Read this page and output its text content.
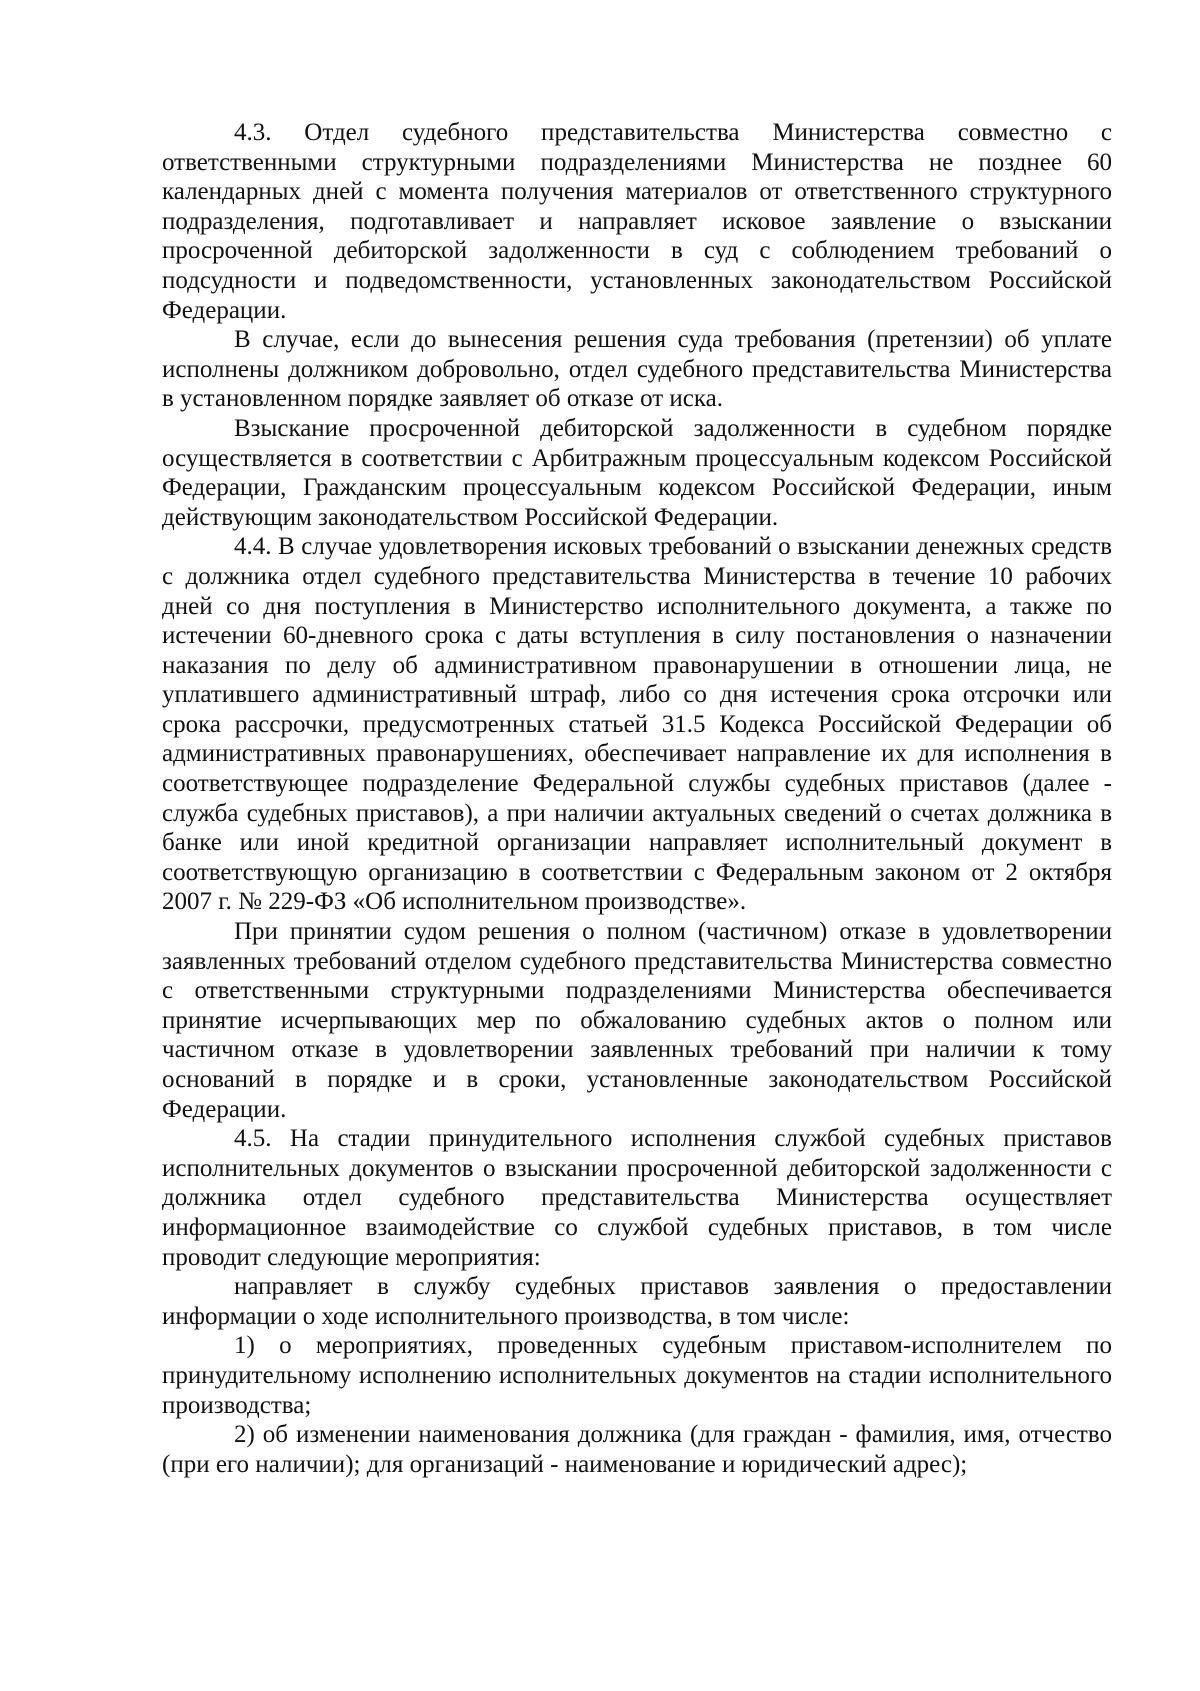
4.3. Отдел судебного представительства Министерства совместно с ответственными структурными подразделениями Министерства не позднее 60 календарных дней с момента получения материалов от ответственного структурного подразделения, подготавливает и направляет исковое заявление о взыскании просроченной дебиторской задолженности в суд с соблюдением требований о подсудности и подведомственности, установленных законодательством Российской Федерации.

В случае, если до вынесения решения суда требования (претензии) об уплате исполнены должником добровольно, отдел судебного представительства Министерства в установленном порядке заявляет об отказе от иска.

Взыскание просроченной дебиторской задолженности в судебном порядке осуществляется в соответствии с Арбитражным процессуальным кодексом Российской Федерации, Гражданским процессуальным кодексом Российской Федерации, иным действующим законодательством Российской Федерации.

4.4. В случае удовлетворения исковых требований о взыскании денежных средств с должника отдел судебного представительства Министерства в течение 10 рабочих дней со дня поступления в Министерство исполнительного документа, а также по истечении 60-дневного срока с даты вступления в силу постановления о назначении наказания по делу об административном правонарушении в отношении лица, не уплатившего административный штраф, либо со дня истечения срока отсрочки или срока рассрочки, предусмотренных статьей 31.5 Кодекса Российской Федерации об административных правонарушениях, обеспечивает направление их для исполнения в соответствующее подразделение Федеральной службы судебных приставов (далее - служба судебных приставов), а при наличии актуальных сведений о счетах должника в банке или иной кредитной организации направляет исполнительный документ в соответствующую организацию в соответствии с Федеральным законом от 2 октября 2007 г. № 229-ФЗ «Об исполнительном производстве».

При принятии судом решения о полном (частичном) отказе в удовлетворении заявленных требований отделом судебного представительства Министерства совместно с ответственными структурными подразделениями Министерства обеспечивается принятие исчерпывающих мер по обжалованию судебных актов о полном или частичном отказе в удовлетворении заявленных требований при наличии к тому оснований в порядке и в сроки, установленные законодательством Российской Федерации.

4.5. На стадии принудительного исполнения службой судебных приставов исполнительных документов о взыскании просроченной дебиторской задолженности с должника отдел судебного представительства Министерства осуществляет информационное взаимодействие со службой судебных приставов, в том числе проводит следующие мероприятия:

направляет в службу судебных приставов заявления о предоставлении информации о ходе исполнительного производства, в том числе:

1) о мероприятиях, проведенных судебным приставом-исполнителем по принудительному исполнению исполнительных документов на стадии исполнительного производства;

2) об изменении наименования должника (для граждан - фамилия, имя, отчество (при его наличии); для организаций - наименование и юридический адрес);
